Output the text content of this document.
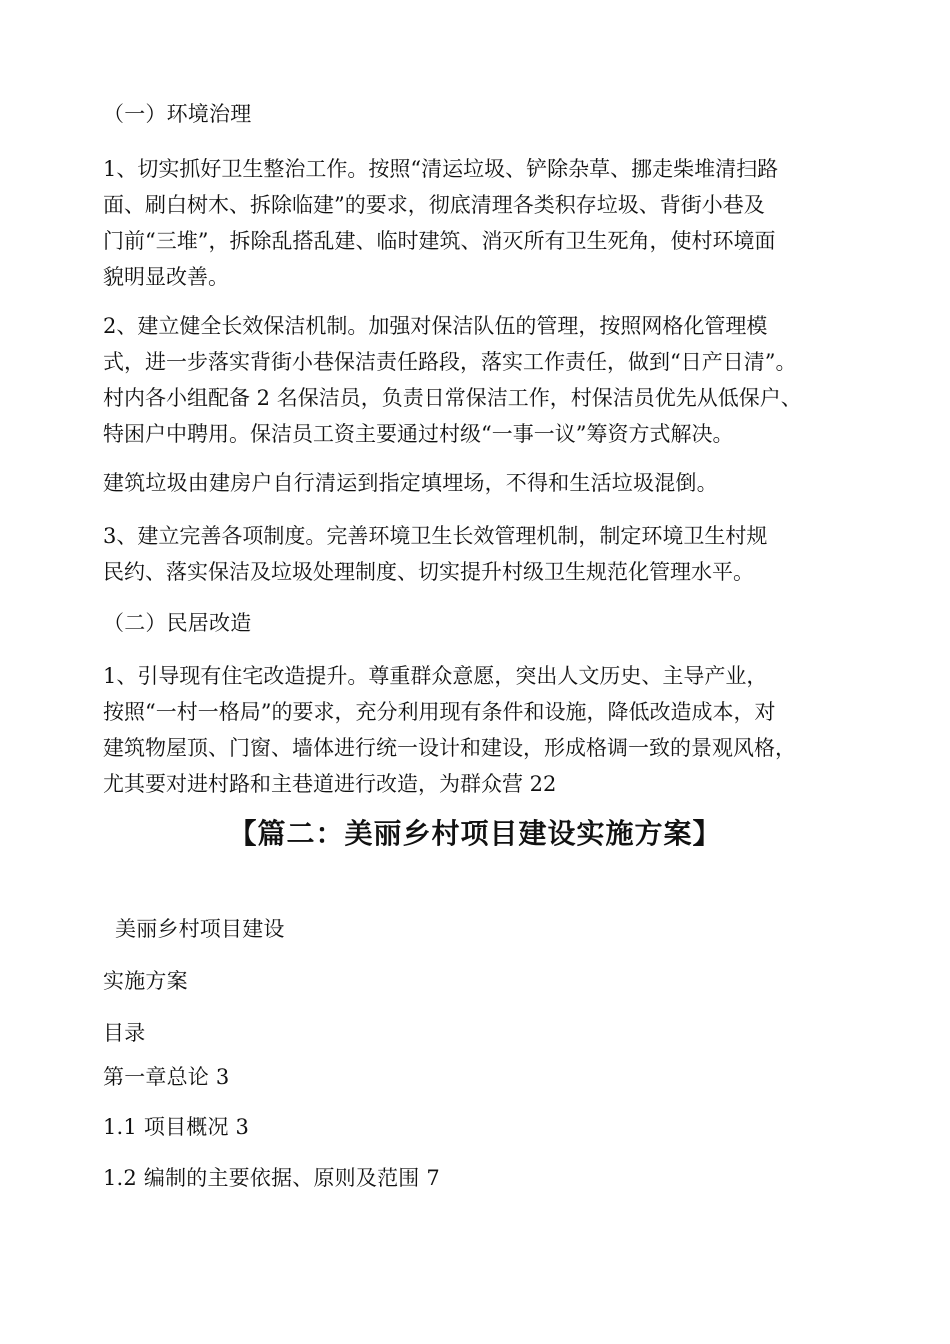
（一）环境治理

1、切实抓好卫生整治工作。按照“清运垃圾、铲除杂草、挪走柴堆清扫路
面、刷白树木、拆除临建”的要求，彻底清理各类积存垃圾、背街小巷及
门前“三堆”，拆除乱搭乱建、临时建筑、消灭所有卫生死角，使村环境面
貌明显改善。
2、建立健全长效保洁机制。加强对保洁队伍的管理，按照网格化管理模
式，进一步落实背街小巷保洁责任路段，落实工作责任，做到“日产日清”。
村内各小组配备 2 名保洁员，负责日常保洁工作，村保洁员优先从低保户、
特困户中聘用。保洁员工资主要通过村级“一事一议”筹资方式解决。

建筑垃圾由建房户自行清运到指定填埋场，不得和生活垃圾混倒。

3、建立完善各项制度。完善环境卫生长效管理机制，制定环境卫生村规
民约、落实保洁及垃圾处理制度、切实提升村级卫生规范化管理水平。

（二）民居改造

1、引导现有住宅改造提升。尊重群众意愿，突出人文历史、主导产业，
按照“一村一格局”的要求，充分利用现有条件和设施，降低改造成本，对
建筑物屋顶、门窗、墙体进行统一设计和建设，形成格调一致的景观风格，
尤其要对进村路和主巷道进行改造，为群众营 22

【篇二：美丽乡村项目建设实施方案】

美丽乡村项目建设

实施方案

目录

第一章总论 3

1.1 项目概况 3

1.2 编制的主要依据、原则及范围 7
